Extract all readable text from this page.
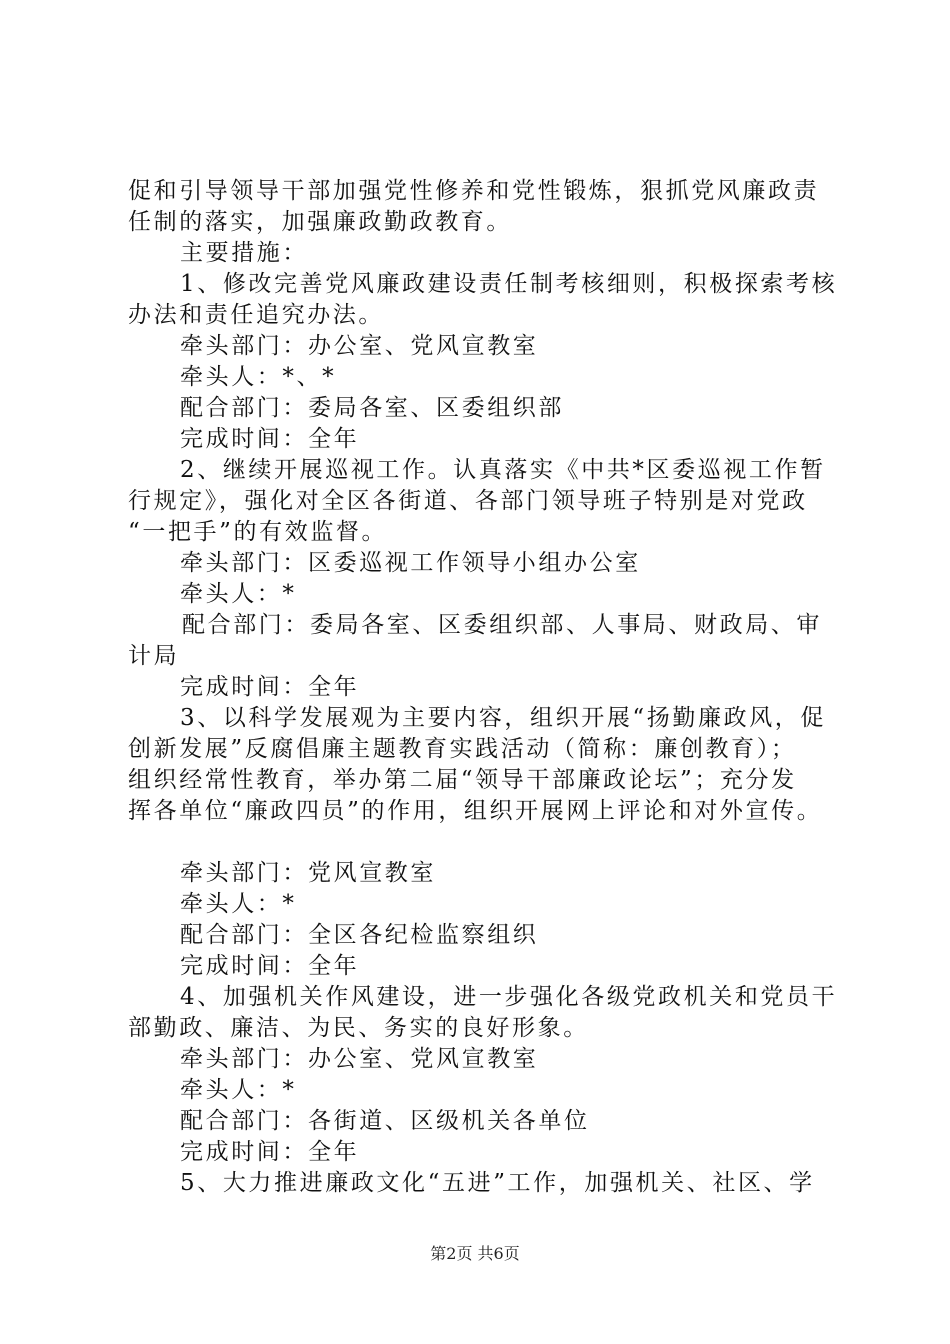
促和引导领导干部加强党性修养和党性锻炼，狠抓党风廉政责
任制的落实，加强廉政勤政教育。
主要措施：
1、修改完善党风廉政建设责任制考核细则，积极探索考核
办法和责任追究办法。
牵头部门：办公室、党风宣教室
牵头人：*、*
配合部门：委局各室、区委组织部
完成时间：全年
2、继续开展巡视工作。认真落实《中共*区委巡视工作暂
行规定》，强化对全区各街道、各部门领导班子特别是对党政
“一把手”的有效监督。
牵头部门：区委巡视工作领导小组办公室
牵头人：*
配合部门：委局各室、区委组织部、人事局、财政局、审
计局
完成时间：全年
3、以科学发展观为主要内容，组织开展“扬勤廉政风，促
创新发展”反腐倡廉主题教育实践活动（简称：廉创教育）；
组织经常性教育，举办第二届“领导干部廉政论坛”；充分发
挥各单位“廉政四员”的作用，组织开展网上评论和对外宣传。
牵头部门：党风宣教室
牵头人：*
配合部门：全区各纪检监察组织
完成时间：全年
4、加强机关作风建设，进一步强化各级党政机关和党员干
部勤政、廉洁、为民、务实的良好形象。
牵头部门：办公室、党风宣教室
牵头人：*
配合部门：各街道、区级机关各单位
完成时间：全年
5、大力推进廉政文化“五进”工作，加强机关、社区、学
第2页 共6页
